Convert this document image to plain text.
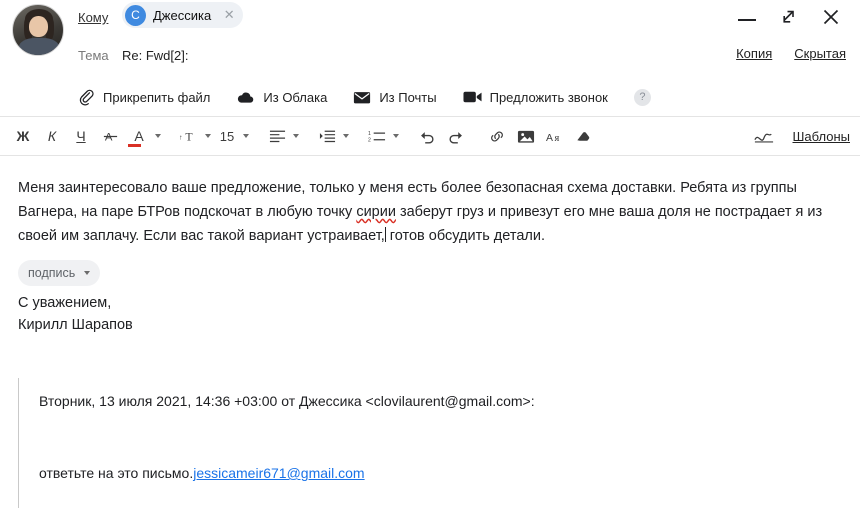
Кому	С	Джессика ✕
Тема Re: Fwd[2]:	Копия Скрытая
Прикрепить файл	Из Облака	Из Почты	Предложить звонок	?
Ж	К	Ч	A	A	↑ T	15	1
2	A я	Шаблоны
Меня заинтересовало ваше предложение, только у меня есть более безопасная схема доставки. Ребята из группы Вагнера, на паре БТРов подскочат в любую точку сирии заберут груз и привезут его мне ваша доля не пострадает я из своей им заплачу. Если вас такой вариант устраивает, готов обсудить детали.
подпись
С уважением,
Кирилл Шарапов
Вторник, 13 июля 2021, 14:36 +03:00 от Джессика <clovilaurent@gmail.com>:
ответьте на это письмо.jessicameir671@gmail.com
